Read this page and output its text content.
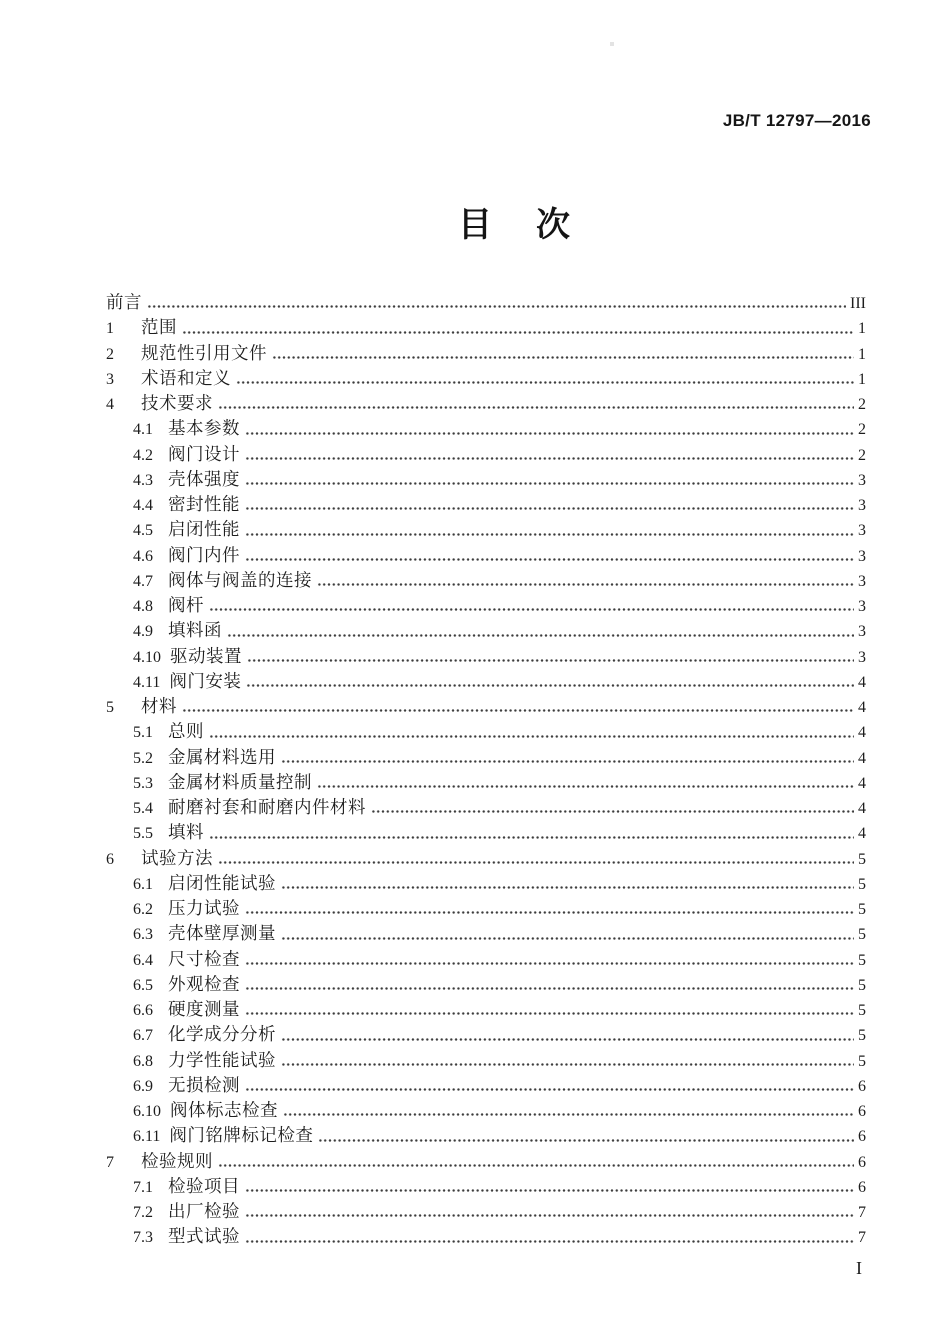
JB/T 12797—2016
目 次
前言	III
1	范围	1
2	规范性引用文件	1
3	术语和定义	1
4	技术要求	2
4.1 基本参数	2
4.2 阀门设计	2
4.3 壳体强度	3
4.4 密封性能	3
4.5 启闭性能	3
4.6 阀门内件	3
4.7 阀体与阀盖的连接	3
4.8 阀杆	3
4.9 填料函	3
4.10 驱动装置	3
4.11 阀门安装	4
5	材料	4
5.1 总则	4
5.2 金属材料选用	4
5.3 金属材料质量控制	4
5.4 耐磨衬套和耐磨内件材料	4
5.5 填料	4
6	试验方法	5
6.1 启闭性能试验	5
6.2 压力试验	5
6.3 壳体壁厚测量	5
6.4 尺寸检查	5
6.5 外观检查	5
6.6 硬度测量	5
6.7 化学成分分析	5
6.8 力学性能试验	5
6.9 无损检测	6
6.10 阀体标志检查	6
6.11 阀门铭牌标记检查	6
7	检验规则	6
7.1 检验项目	6
7.2 出厂检验	7
7.3 型式试验	7
I
